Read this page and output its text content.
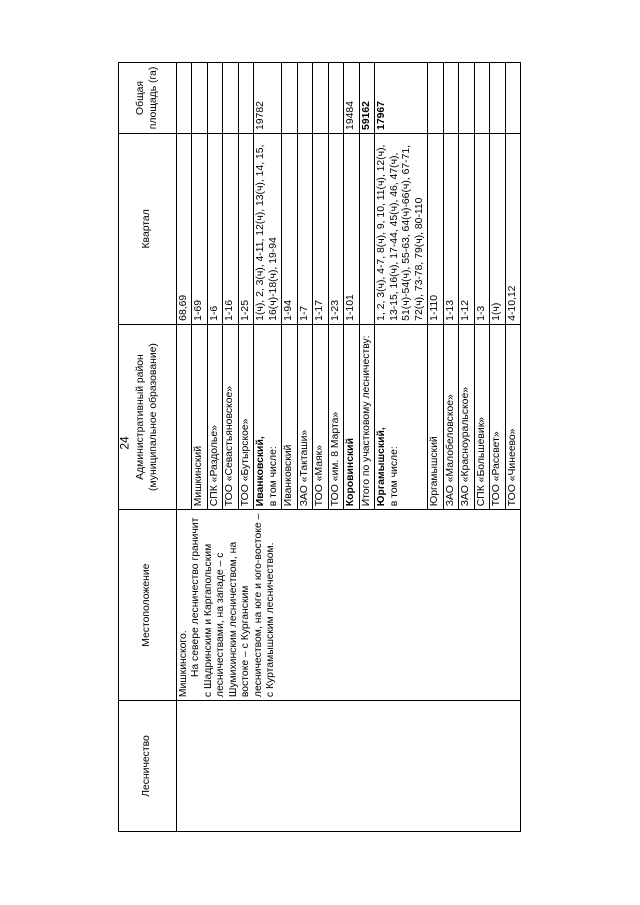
24
Лесничество	Местоположение	Административный район (муниципальное образование)	Квартал	Общая площадь (га)

	Мишкинского. На севере лесничество граничит с Шадринским и Каргапольским лесничествами, на западе – с Шумихинским лесничеством, на востоке – с Курганским лесничеством, на юге и юго-востоке – с Куртамышским лесничеством.		68,69	
		Мишкинский	1-69	
		СПК «Раздолье»	1-6	
		ТОО «Севастьяновское»	1-16	
		ТОО «Бутырское»	1-25	

		Иванковский, в том числе:	1(ч), 2, 3(ч), 4-11, 12(ч), 13(ч), 14, 15, 16(ч)-18(ч), 19-94	19782
		Иванковский	1-94	
		ЗАО «Такташи»	1-7	
		ТОО «Маяк»	1-17	
		ТОО «им. 8 Марта»	1-23	
		Коровинский	1-101	19484
		Итого по участковому лесничеству:		59162

		Юргамышский, в том числе:	1, 2, 3(ч), 4-7, 8(ч), 9, 10, 11(ч), 12(ч), 13-15, 16(ч), 17-44, 45(ч), 46, 47(ч), 51(ч)-54(ч), 55-63, 64(ч)-66(ч), 67-71, 72(ч), 73-78, 79(ч), 80-110	17967
		Юргамышский	1-110	
		ЗАО «Малобеловское»	1-13	
		ЗАО «Красноуральское»	1-12	
		СПК «Большевик»	1-3	
		ТОО «Рассвет»	1(ч)	
		ТОО «Чинеево»	4-10,12	
